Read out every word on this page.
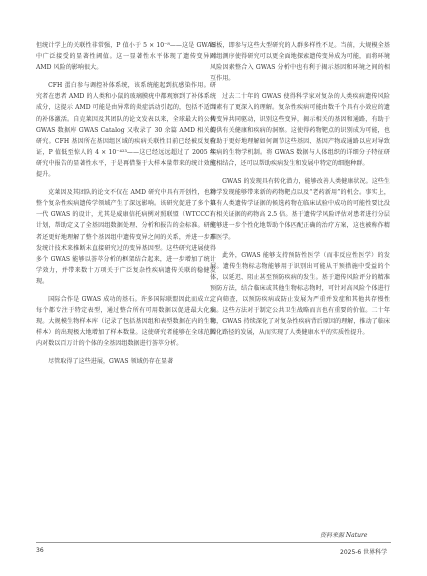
但统计学上的关联性非常强，P 值小于 5 × 10⁻⁸——这是 GWAS 中广泛接受的显著性阈值。这一显著性水平体现了遗传变异对 AMD 风险的影响很大。

CFH 蛋白参与调控补体系统，该系统能起到抗感染作用。研究者在患者 AMD 的人类和小鼠的玻璃膜疣中都观察到了补体系统成分，这提示 AMD 可能是由异常的炎症活动引起的，包括不适当的补体激活。自克莱因及其团队的论文发表以来，全球最大的公共 GWAS 数据库 GWAS Catalog 又收录了 30 余篇 AMD 相关的研究。CFH 基因所在基因组区域的疾病关联性目前已经被反复验证，P 值低至惊人的 4 × 10⁻⁴²³——这已经远远超过了 2005 年研究中报告的显著性水平，于是再借鉴于大样本量带来的统计效能提升。

克莱因及其团队的论文不仅在 AMD 研究中具有开创性，也对整个复杂性疾病遗传学领域产生了深远影响。该研究促进了多个第一代 GWAS 的设计，尤其是威康信托病例对照联盟（WTCCC）计划，帮助定义了全基因组数据处理、分析和报告的金标准。研究者还更好地理解了整个基因组中遗传变异之间的关系，并进一步开发统计技术来推断未直接研究过的变异基因型。这些研究进展使得多个 GWAS 能够以荟萃分析的框架结合起来，进一步增加了统计学效力，并带来数十万项关于广泛复杂性疾病遗传关联的稳健发现。

国际合作是 GWAS 成功的基石。许多国际联盟因此而成立，每个都专注于特定表型，通过整合所有可用数据以促进最大化发现。大规模生物样本库（记录了包括基因组和表型数据在内的生物样本）的出现极大地增加了样本数量。这使研究者能够在全球范围内对数以百万计的个体的全基因组数据进行荟萃分析。

尽管取得了这些进展，GWAS 领域仍存在显著

短板，即参与这些大型研究的人群多样性不足。当前，大规模全基因组测序使得研究可以更全面地探索遗传变异成为可能，而将环境风险因素整合入 GWAS 分析中也有利于揭示基因和环境之间的相互作用。

过去二十年的 GWAS 使得科学家对复杂的人类疾病遗传风险因素有了更深入的理解。复杂性疾病可能由数千个具有小效应的遗传变异共同驱动，识别这些变异，揭示相关的基因和通路，有助于提供有关健康和疾病的洞察。这使得药物靶点的识别成为可能，也有助于更好地理解如何调节这些基因、基因产物或通路以应对导致疾病的生物学机制。将 GWAS 数据与人体组织的详细分子特征研究相结合，还可以帮助疾病发生和发展中特定的细胞种群。

GWAS 的发现具有转化潜力，能够改善人类健康状况。这些生物学发现能够带来新的药物靶点以及“老药新用”的机会。事实上，具有人类遗传学证据的候选药物在临床试验中成功的可能性要比没有相关证据的药物高 2.5 倍。基于遗传学风险评估对患者进行分层能够进一步个性化地帮助个体匹配正确的治疗方案，这也被称作精准医学。

此外，GWAS 能够支持预防性医学（而非反应性医学）的发展。遗传生物标志物能够用于识别出可能从干预措施中受益的个体，以延迟、阻止甚至预防疾病的发生。基于遗传风险评分的精准预防方法，结合临床或其他生物标志物时，可针对高风险个体进行定向筛查，以预防疾病或防止发展为严重并发症和其他共存慢性病。这些方法对于制定公共卫生战略而言也有重要的价值。二十年来，GWAS 持续深化了对复杂性疾病背后原因的理解，推动了临床转化路径的发展，从而实现了人类健康水平的实质性提升。

资料来源 Nature
36	2025-6 世界科学
